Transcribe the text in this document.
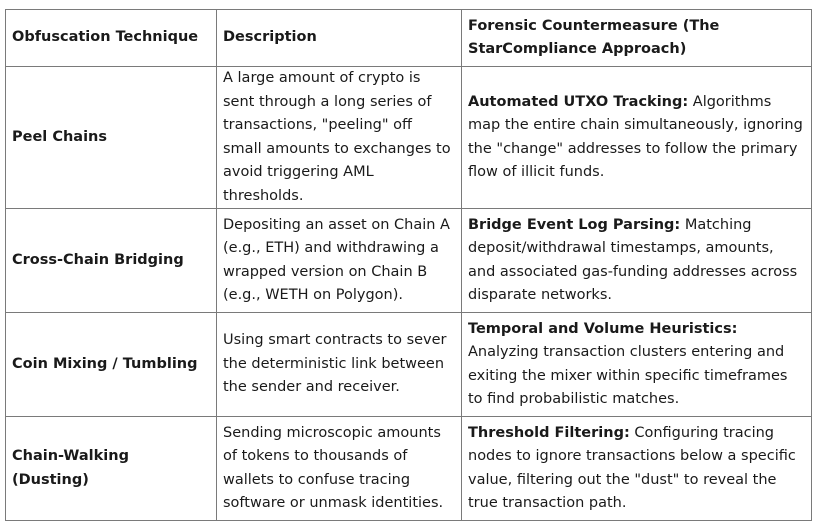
Obfuscation Technique	Description	Forensic Countermeasure (The StarCompliance Approach)
Peel Chains	A large amount of crypto is sent through a long series of transactions, "peeling" off small amounts to exchanges to avoid triggering AML thresholds.	Automated UTXO Tracking: Algorithms map the entire chain simultaneously, ignoring the "change" addresses to follow the primary flow of illicit funds.
Cross-Chain Bridging	Depositing an asset on Chain A (e.g., ETH) and withdrawing a wrapped version on Chain B (e.g., WETH on Polygon).	Bridge Event Log Parsing: Matching deposit/withdrawal timestamps, amounts, and associated gas-funding addresses across disparate networks.
Coin Mixing / Tumbling	Using smart contracts to sever the deterministic link between the sender and receiver.	Temporal and Volume Heuristics: Analyzing transaction clusters entering and exiting the mixer within specific timeframes to find probabilistic matches.
Chain-Walking (Dusting)	Sending microscopic amounts of tokens to thousands of wallets to confuse tracing software or unmask identities.	Threshold Filtering: Configuring tracing nodes to ignore transactions below a specific value, filtering out the "dust" to reveal the true transaction path.
